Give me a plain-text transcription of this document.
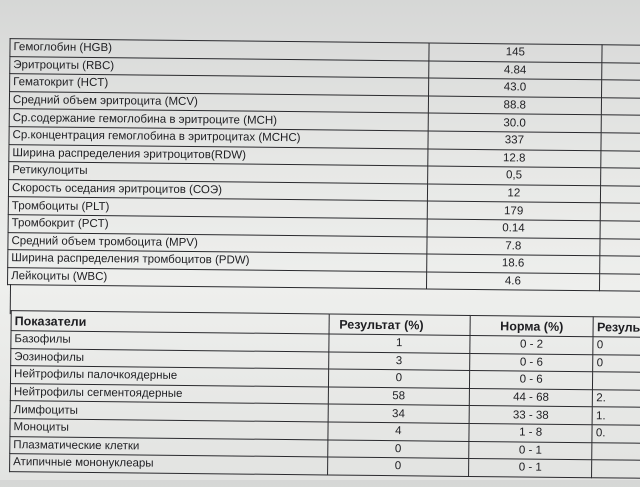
Гемоглобин (HGB)	145	
Эритроциты (RBC)	4.84	
Гематокрит (HCT)	43.0	
Средний объем эритроцита (MCV)	88.8	
Ср.содержание гемоглобина в эритроците (MCH)	30.0	
Ср.концентрация гемоглобина в эритроцитах (MCHC)	337	
Ширина распределения эритроцитов(RDW)	12.8	
Ретикулоциты	0,5	
Скорость оседания эритроцитов (СОЭ)	12	
Тромбоциты (PLT)	179	
Тромбокрит (PCT)	0.14	
Средний объем тромбоцита (MPV)	7.8	
Ширина распределения тромбоцитов (PDW)	18.6	
Лейкоциты (WBC)	4.6	
Показатели	Результат (%)	Норма (%)	Резуль
Базофилы	1	0 - 2	0
Эозинофилы	3	0 - 6	0
Нейтрофилы палочкоядерные	0	0 - 6	
Нейтрофилы сегментоядерные	58	44 - 68	2.
Лимфоциты	34	33 - 38	1.
Моноциты	4	1 - 8	0.
Плазматические клетки	0	0 - 1	
Атипичные мононуклеары	0	0 - 1	
